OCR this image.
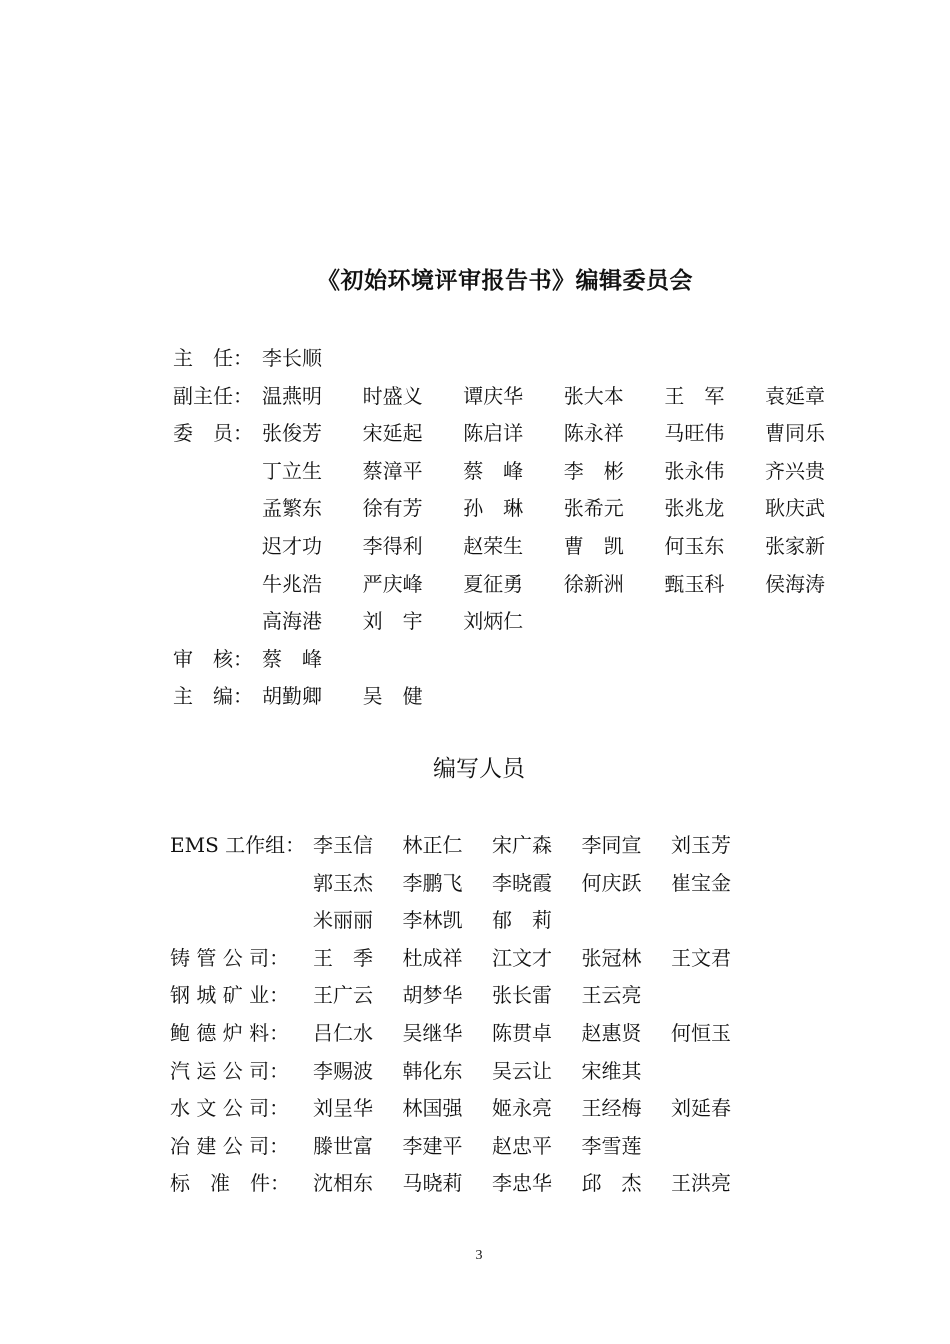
《初始环境评审报告书》编辑委员会
主　任： 李长顺
副主任： 温燕明 时盛义 谭庆华 张大本 王　军 袁延章
委　员： 张俊芳 宋延起 陈启详 陈永祥 马旺伟 曹同乐
丁立生 蔡漳平 蔡　峰 李　彬 张永伟 齐兴贵
孟繁东 徐有芳 孙　琳 张希元 张兆龙 耿庆武
迟才功 李得利 赵荣生 曹　凯 何玉东 张家新
牛兆浩 严庆峰 夏征勇 徐新洲 甄玉科 侯海涛
高海港 刘　宇 刘炳仁
审　核： 蔡　峰
主　编： 胡勤卿 吴　健
编写人员
EMS 工作组： 李玉信 林正仁 宋广森 李同宣 刘玉芳
郭玉杰 李鹏飞 李晓霞 何庆跃 崔宝金
米丽丽 李林凯 郁　莉
铸 管 公 司： 王　季 杜成祥 江文才 张冠林 王文君
钢 城 矿 业： 王广云 胡梦华 张长雷 王云亮
鲍 德 炉 料： 吕仁水 吴继华 陈贯卓 赵惠贤 何恒玉
汽 运 公 司： 李赐波 韩化东 吴云让 宋维其
水 文 公 司： 刘呈华 林国强 姬永亮 王经梅 刘延春
冶 建 公 司： 滕世富 李建平 赵忠平 李雪莲
标　准　件： 沈相东 马晓莉 李忠华 邱　杰 王洪亮
3
